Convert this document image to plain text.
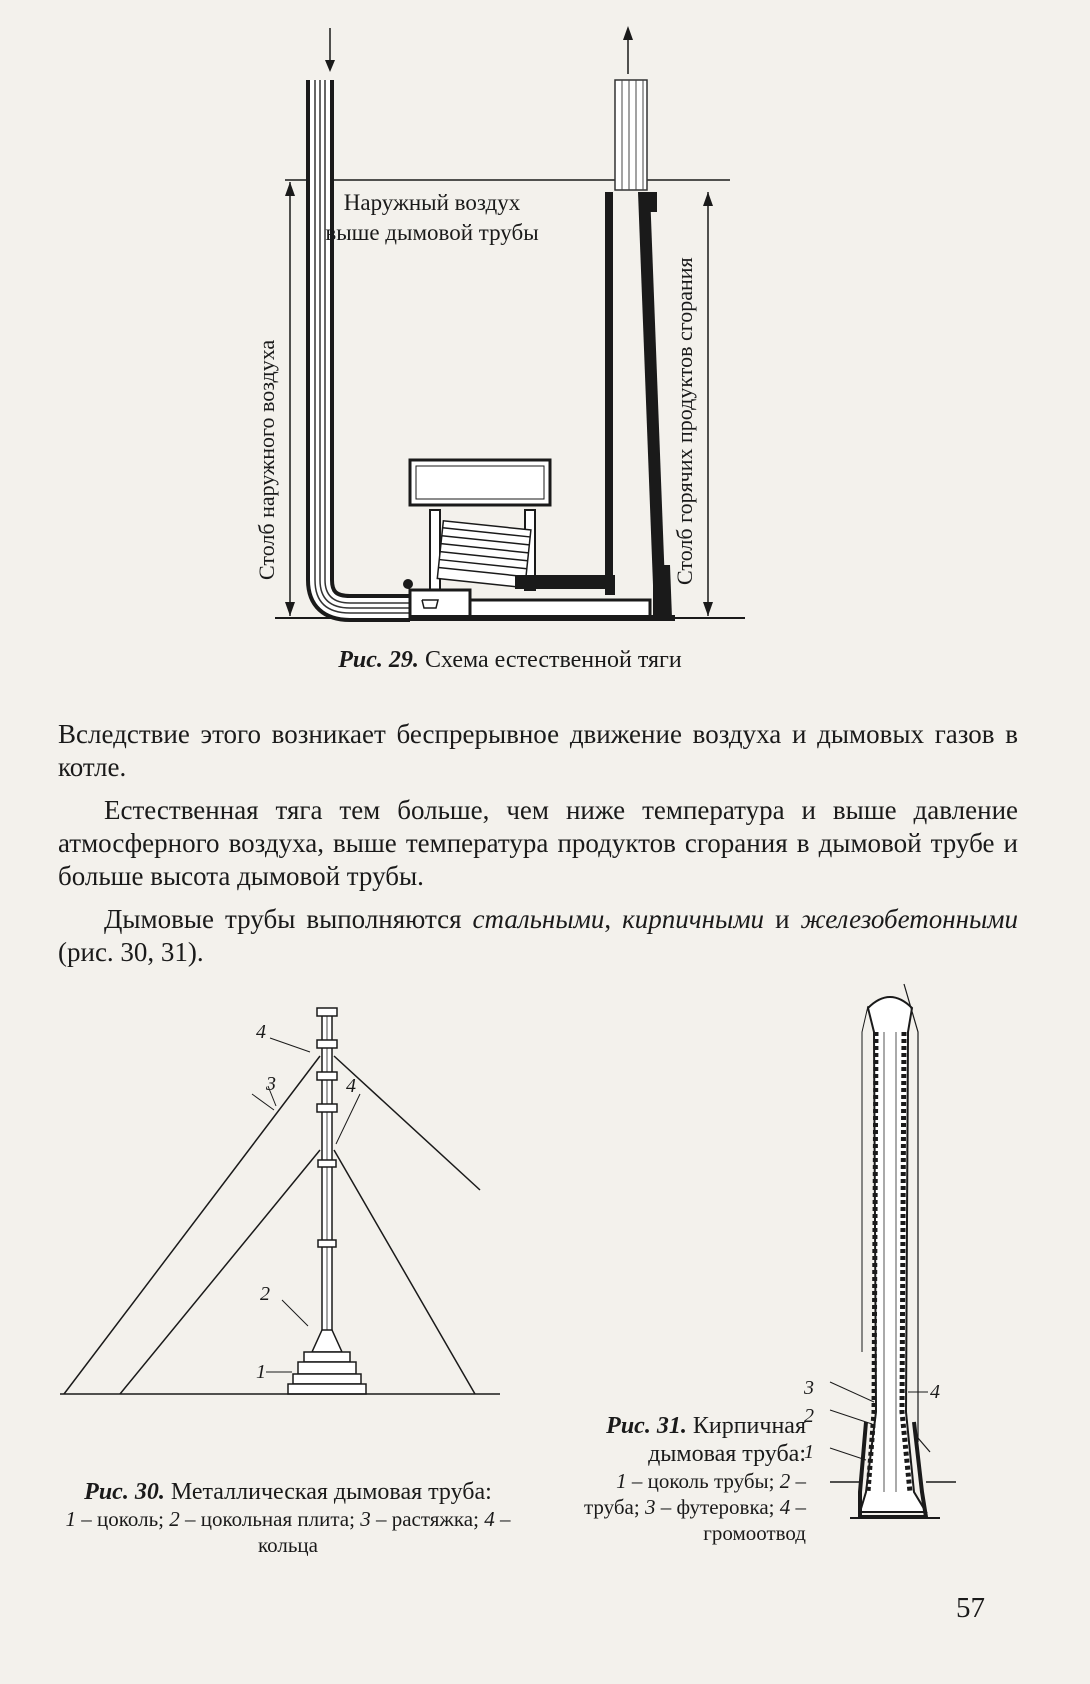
Столб наружного воздуха	Столб горячих продуктов сгорания
Наружный воздух
выше дымовой трубы
Рис. 29. Схема естественной тяги

Вследствие этого возникает беспрерывное движение воздуха и дымовых газов в котле.

Естественная тяга тем больше, чем ниже температура и выше давление атмосферного воздуха, выше температура продуктов сгорания в дымовой трубе и больше высота дымовой трубы.

Дымовые трубы выполняются стальными, кирпичными и железобетонными (рис. 30, 31).

1
2
3
4
4
Рис. 30. Металлическая дымовая труба:
1 – цоколь; 2 – цокольная плита; 3 – растяжка; 4 – кольца
3
2
1
4
Рис. 31. Кирпичная дымовая труба:
1 – цоколь трубы; 2 – труба; 3 – футеровка; 4 – громоотвод
57
